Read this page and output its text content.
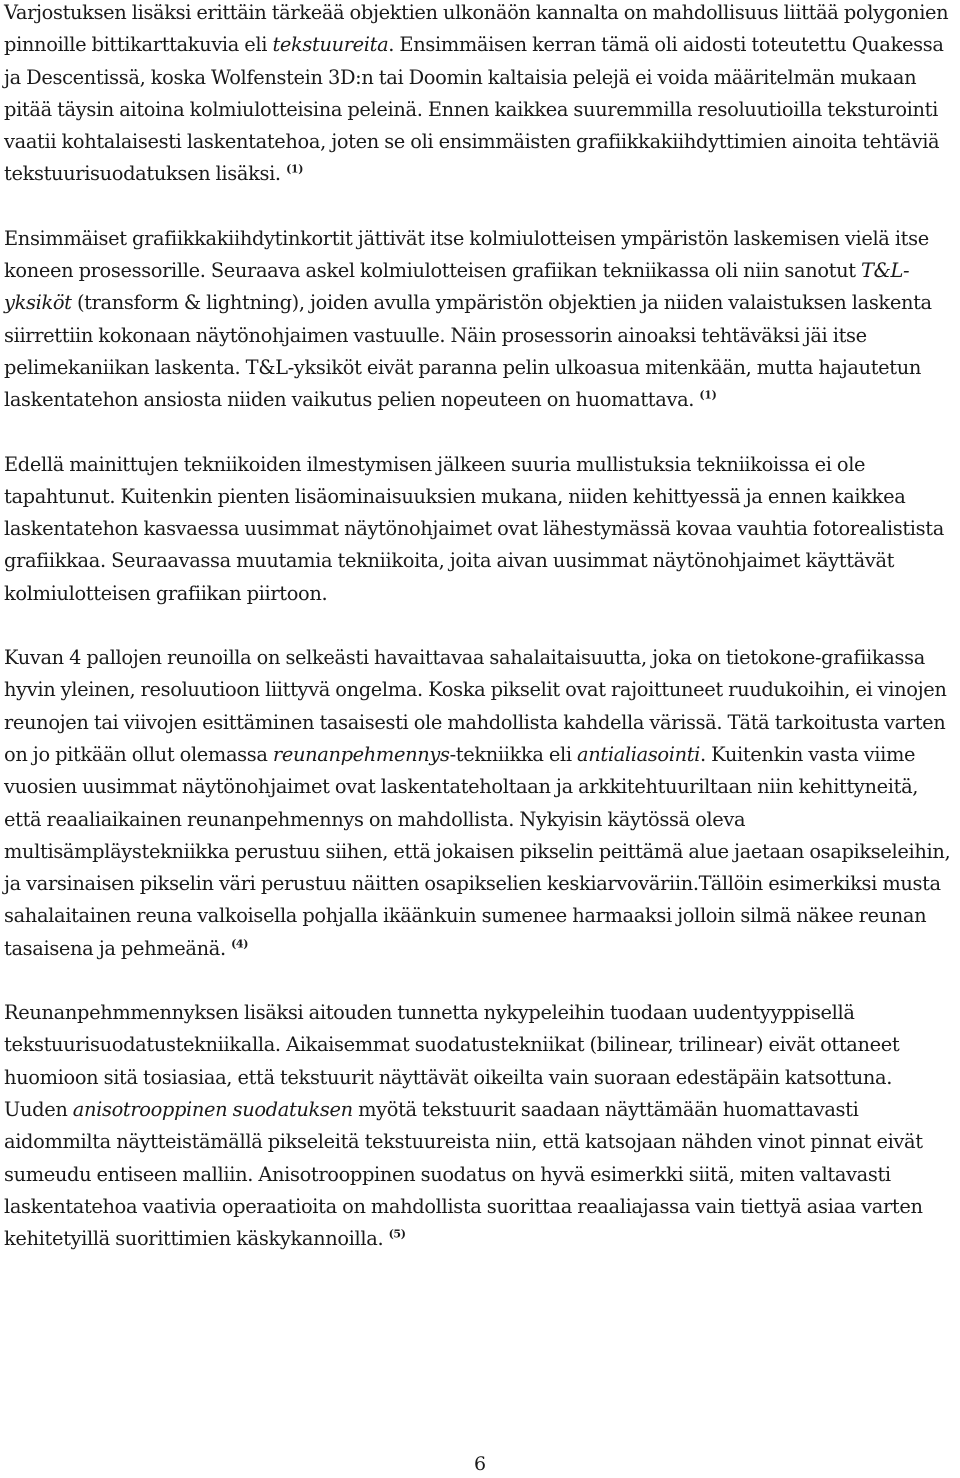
Varjostuksen lisäksi erittäin tärkeää objektien ulkonäön kannalta on mahdollisuus liittää polygonien pinnoille bittikarttakuvia eli tekstuureita. Ensimmäisen kerran tämä oli aidosti toteutettu Quakessa ja Descentissä, koska Wolfenstein 3D:n tai Doomin kaltaisia pelejä ei voida määritelmän mukaan pitää täysin aitoina kolmiulotteisina peleinä. Ennen kaikkea suuremmilla resoluutioilla teksturointi vaatii kohtalaisesti laskentatehoa, joten se oli ensimmäisten grafiikkakiihdyttimien ainoita tehtäviä tekstuurisuodatuksen lisäksi. $^{(1)}$

Ensimmäiset grafiikkakiihdytinkortit jättivät itse kolmiulotteisen ympäristön laskemisen vielä itse koneen prosessorille. Seuraava askel kolmiulotteisen grafiikan tekniikassa oli niin sanotut T&L-yksiköt (transform & lightning), joiden avulla ympäristön objektien ja niiden valaistuksen laskenta siirrettiin kokonaan näytönohjaimen vastuulle. Näin prosessorin ainoaksi tehtäväksi jäi itse pelimekaniikan laskenta. T&L-yksiköt eivät paranna pelin ulkoasua mitenkään, mutta hajautetun laskentatehon ansiosta niiden vaikutus pelien nopeuteen on huomattava. $^{(1)}$

Edellä mainittujen tekniikoiden ilmestymisen jälkeen suuria mullistuksia tekniikoissa ei ole tapahtunut. Kuitenkin pienten lisäominaisuuksien mukana, niiden kehittyessä ja ennen kaikkea laskentatehon kasvaessa uusimmat näytönohjaimet ovat lähestymässä kovaa vauhtia fotorealistista grafiikkaa. Seuraavassa muutamia tekniikoita, joita aivan uusimmat näytönohjaimet käyttävät kolmiulotteisen grafiikan piirtoon.

Kuvan 4 pallojen reunoilla on selkeästi havaittavaa sahalaitaisuutta, joka on tietokone-grafiikassa hyvin yleinen, resoluutioon liittyvä ongelma. Koska pikselit ovat rajoittuneet ruudukoihin, ei vinojen reunojen tai viivojen esittäminen tasaisesti ole mahdollista kahdella värissä. Tätä tarkoitusta varten on jo pitkään ollut olemassa reunanpehmennys-tekniikka eli antialiasointi. Kuitenkin vasta viime vuosien uusimmat näytönohjaimet ovat laskentateholtaan ja arkkitehtuuriltaan niin kehittyneitä, että reaaliaikainen reunanpehmennys on mahdollista. Nykyisin käytössä oleva multisämpläystekniikka perustuu siihen, että jokaisen pikselin peittämä alue jaetaan osapikseleihin, ja varsinaisen pikselin väri perustuu näitten osapikselien keskiarvoväriin.Tällöin esimerkiksi musta sahalaitainen reuna valkoisella pohjalla ikäänkuin sumenee harmaaksi jolloin silmä näkee reunan tasaisena ja pehmeänä. $^{(4)}$

Reunanpehmmennyksen lisäksi aitouden tunnetta nykypeleihin tuodaan uudentyyppisellä tekstuurisuodatustekniikalla. Aikaisemmat suodatustekniikat (bilinear, trilinear) eivät ottaneet huomioon sitä tosiasiaa, että tekstuurit näyttävät oikeilta vain suoraan edestäpäin katsottuna. Uuden anisotrooppinen suodatuksen myötä tekstuurit saadaan näyttämään huomattavasti aidommilta näytteistämällä pikseleitä tekstuureista niin, että katsojaan nähden vinot pinnat eivät sumeudu entiseen malliin. Anisotrooppinen suodatus on hyvä esimerkki siitä, miten valtavasti laskentatehoa vaativia operaatioita on mahdollista suorittaa reaaliajassa vain tiettyä asiaa varten kehitetyillä suorittimien käskykannoilla. $^{(5)}$

6
